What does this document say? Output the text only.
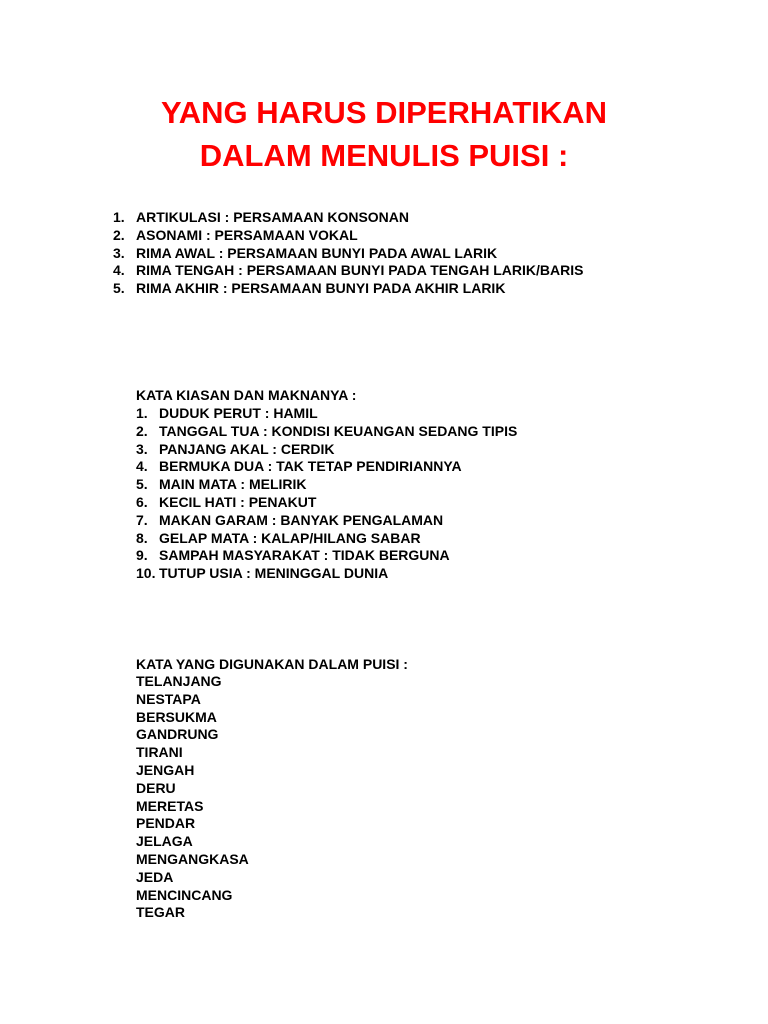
YANG HARUS DIPERHATIKAN
DALAM MENULIS PUISI :
1. ARTIKULASI : PERSAMAAN KONSONAN
2. ASONAMI : PERSAMAAN VOKAL
3. RIMA AWAL : PERSAMAAN BUNYI PADA AWAL LARIK
4. RIMA TENGAH : PERSAMAAN BUNYI PADA TENGAH LARIK/BARIS
5. RIMA AKHIR : PERSAMAAN BUNYI PADA AKHIR LARIK
KATA KIASAN DAN MAKNANYA :
1. DUDUK PERUT : HAMIL
2. TANGGAL TUA : KONDISI KEUANGAN SEDANG TIPIS
3. PANJANG AKAL : CERDIK
4. BERMUKA DUA : TAK TETAP PENDIRIANNYA
5. MAIN MATA : MELIRIK
6. KECIL HATI : PENAKUT
7. MAKAN GARAM : BANYAK PENGALAMAN
8. GELAP MATA : KALAP/HILANG SABAR
9. SAMPAH MASYARAKAT : TIDAK BERGUNA
10. TUTUP USIA : MENINGGAL DUNIA
KATA YANG DIGUNAKAN DALAM PUISI :
TELANJANG
NESTAPA
BERSUKMA
GANDRUNG
TIRANI
JENGAH
DERU
MERETAS
PENDAR
JELAGA
MENGANGKASA
JEDA
MENCINCANG
TEGAR
